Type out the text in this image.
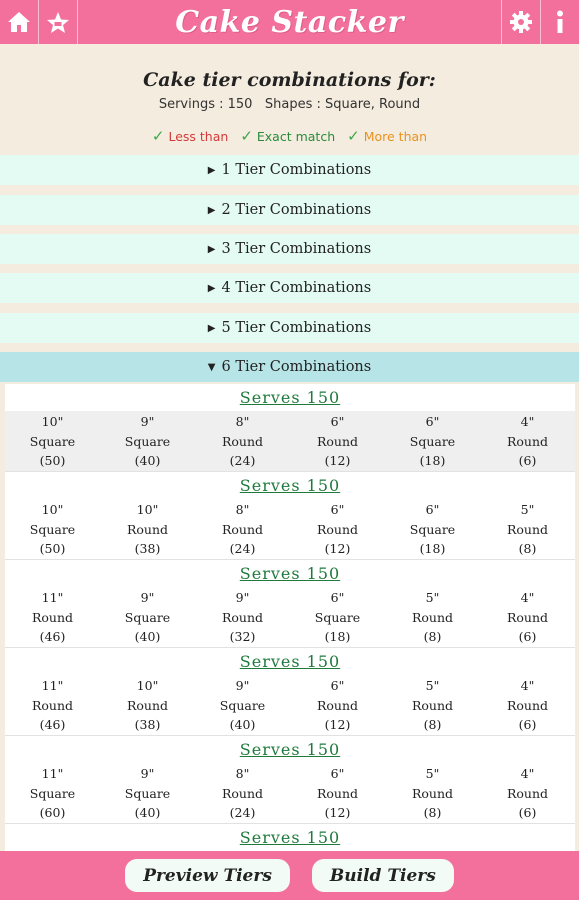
Cake Stacker
Cake tier combinations for:
Servings : 150 Shapes : Square, Round
✓ Less than ✓ Exact match ✓ More than
▶ 1 Tier Combinations
▶ 2 Tier Combinations
▶ 3 Tier Combinations
▶ 4 Tier Combinations
▶ 5 Tier Combinations
▼ 6 Tier Combinations
Serves 150
10"
Square
(50)
9"
Square
(40)
8"
Round
(24)
6"
Round
(12)
6"
Square
(18)
4"
Round
(6)
Serves 150
10"
Square
(50)
10"
Round
(38)
8"
Round
(24)
6"
Round
(12)
6"
Square
(18)
5"
Round
(8)
Serves 150
11"
Round
(46)
9"
Square
(40)
9"
Round
(32)
6"
Square
(18)
5"
Round
(8)
4"
Round
(6)
Serves 150
11"
Round
(46)
10"
Round
(38)
9"
Square
(40)
6"
Round
(12)
5"
Round
(8)
4"
Round
(6)
Serves 150
11"
Square
(60)
9"
Square
(40)
8"
Round
(24)
6"
Round
(12)
5"
Round
(8)
4"
Round
(6)
Serves 150
Preview Tiers	Build Tiers
